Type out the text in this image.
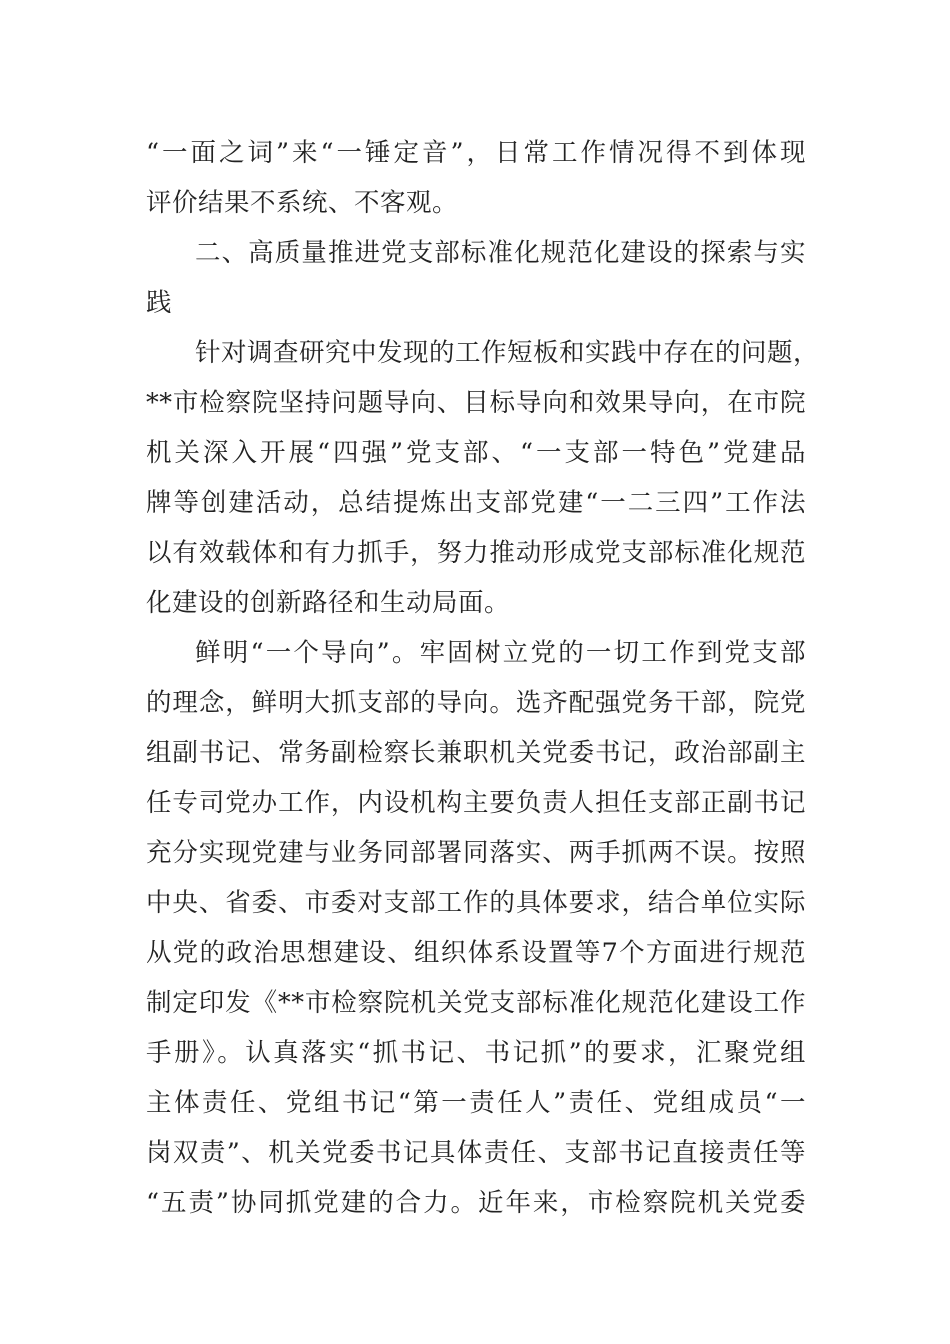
“一面之词”来“一锤定音”，日常工作情况得不到体现
评价结果不系统、不客观。
二、高质量推进党支部标准化规范化建设的探索与实
践
针对调查研究中发现的工作短板和实践中存在的问题，
**市检察院坚持问题导向、目标导向和效果导向，在市院
机关深入开展“四强”党支部、“一支部一特色”党建品
牌等创建活动，总结提炼出支部党建“一二三四”工作法
以有效载体和有力抓手，努力推动形成党支部标准化规范
化建设的创新路径和生动局面。
鲜明“一个导向”。牢固树立党的一切工作到党支部
的理念，鲜明大抓支部的导向。选齐配强党务干部，院党
组副书记、常务副检察长兼职机关党委书记，政治部副主
任专司党办工作，内设机构主要负责人担任支部正副书记
充分实现党建与业务同部署同落实、两手抓两不误。按照
中央、省委、市委对支部工作的具体要求，结合单位实际
从党的政治思想建设、组织体系设置等7个方面进行规范
制定印发《**市检察院机关党支部标准化规范化建设工作
手册》。认真落实“抓书记、书记抓”的要求，汇聚党组
主体责任、党组书记“第一责任人”责任、党组成员“一
岗双责”、机关党委书记具体责任、支部书记直接责任等
“五责”协同抓党建的合力。近年来，市检察院机关党委
